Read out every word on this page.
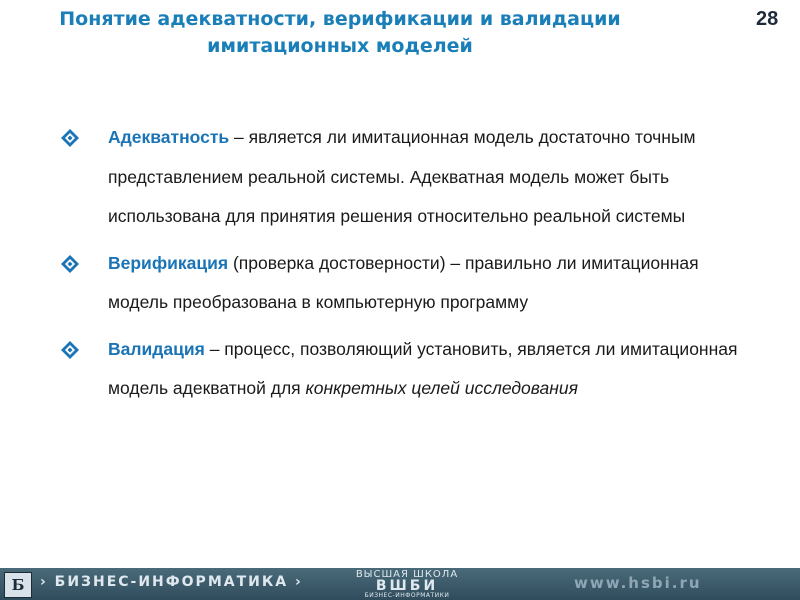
Понятие адекватности, верификации и валидации
имитационных моделей
28
Адекватность – является ли имитационная модель достаточно точным представлением реальной системы. Адекватная модель может быть использована для принятия решения относительно реальной системы
Верификация (проверка достоверности) – правильно ли имитационная модель преобразована в компьютерную программу
Валидация – процесс, позволяющий установить, является ли имитационная модель адекватной для конкретных целей исследования
Б	› БИЗНЕС-ИНФОРМАТИКА ›	ВЫСШАЯ ШКОЛА
ВШБИ
БИЗНЕС-ИНФОРМАТИКИ
www.hsbi.ru
